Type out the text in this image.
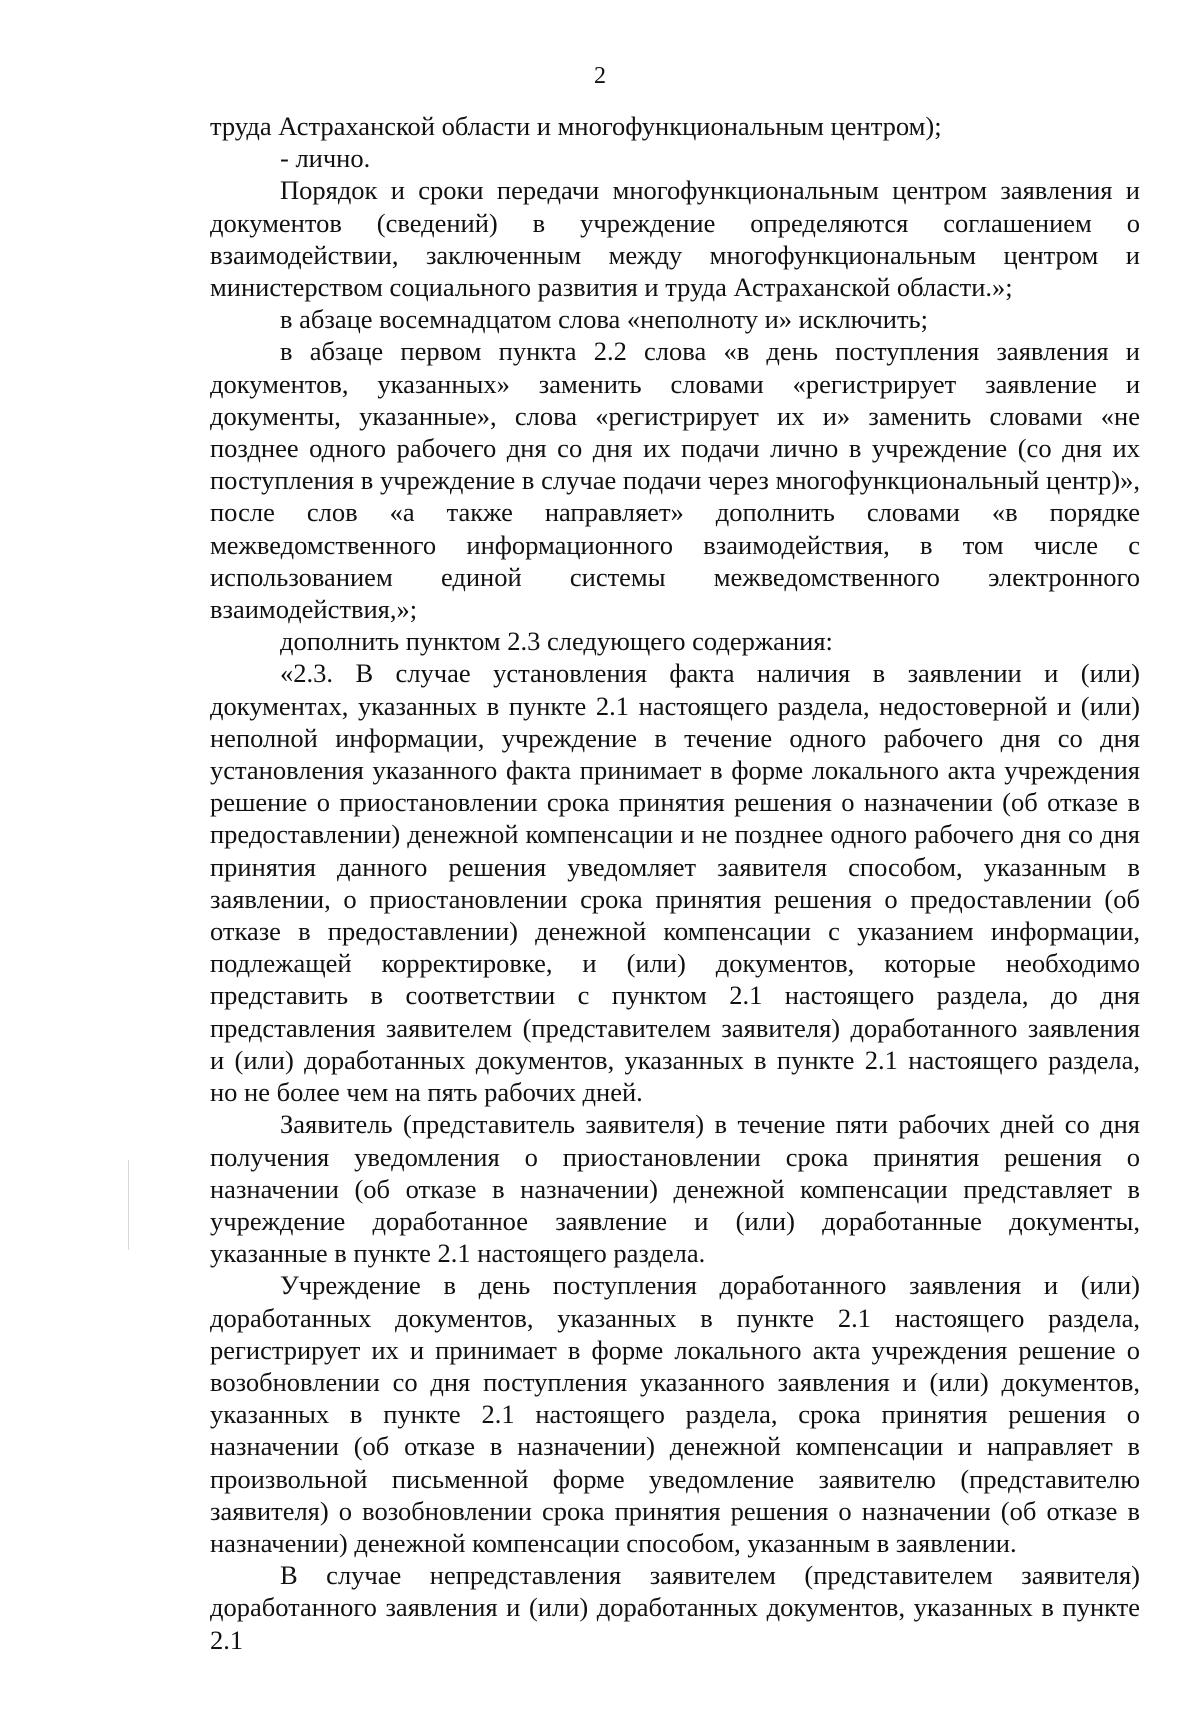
2

труда Астраханской области и многофункциональным центром);

- лично.

Порядок и сроки передачи многофункциональным центром заявления и документов (сведений) в учреждение определяются соглашением о взаимодействии, заключенным между многофункциональным центром и министерством социального развития и труда Астраханской области.»;

в абзаце восемнадцатом слова «неполноту и» исключить;

в абзаце первом пункта 2.2 слова «в день поступления заявления и документов, указанных» заменить словами «регистрирует заявление и документы, указанные», слова «регистрирует их и» заменить словами «не позднее одного рабочего дня со дня их подачи лично в учреждение (со дня их поступления в учреждение в случае подачи через многофункциональный центр)», после слов «а также направляет» дополнить словами «в порядке межведомственного информационного взаимодействия, в том числе с использованием единой системы межведомственного электронного взаимодействия,»;

дополнить пунктом 2.3 следующего содержания:

«2.3. В случае установления факта наличия в заявлении и (или) документах, указанных в пункте 2.1 настоящего раздела, недостоверной и (или) неполной информации, учреждение в течение одного рабочего дня со дня установления указанного факта принимает в форме локального акта учреждения решение о приостановлении срока принятия решения о назначении (об отказе в предоставлении) денежной компенсации и не позднее одного рабочего дня со дня принятия данного решения уведомляет заявителя способом, указанным в заявлении, о приостановлении срока принятия решения о предоставлении (об отказе в предоставлении) денежной компенсации с указанием информации, подлежащей корректировке, и (или) документов, которые необходимо представить в соответствии с пунктом 2.1 настоящего раздела, до дня представления заявителем (представителем заявителя) доработанного заявления и (или) доработанных документов, указанных в пункте 2.1 настоящего раздела, но не более чем на пять рабочих дней.

Заявитель (представитель заявителя) в течение пяти рабочих дней со дня получения уведомления о приостановлении срока принятия решения о назначении (об отказе в назначении) денежной компенсации представляет в учреждение доработанное заявление и (или) доработанные документы, указанные в пункте 2.1 настоящего раздела.

Учреждение в день поступления доработанного заявления и (или) доработанных документов, указанных в пункте 2.1 настоящего раздела, регистрирует их и принимает в форме локального акта учреждения решение о возобновлении со дня поступления указанного заявления и (или) документов, указанных в пункте 2.1 настоящего раздела, срока принятия решения о назначении (об отказе в назначении) денежной компенсации и направляет в произвольной письменной форме уведомление заявителю (представителю заявителя) о возобновлении срока принятия решения о назначении (об отказе в назначении) денежной компенсации способом, указанным в заявлении.

В случае непредставления заявителем (представителем заявителя) доработанного заявления и (или) доработанных документов, указанных в пункте 2.1
